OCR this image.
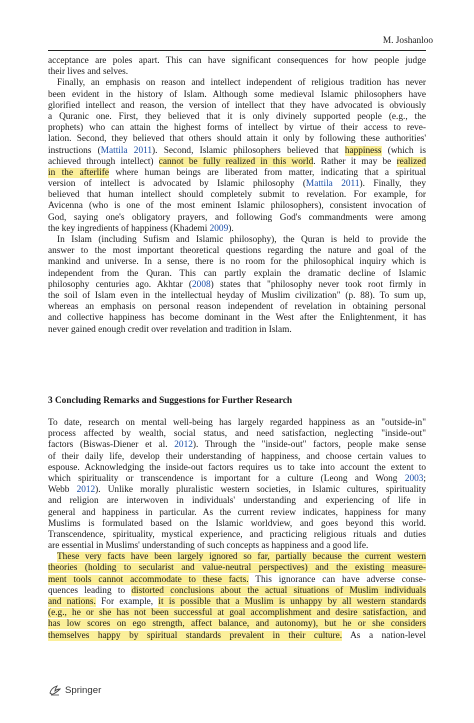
M. Joshanloo
acceptance are poles apart. This can have significant consequences for how people judge
their lives and selves.
Finally, an emphasis on reason and intellect independent of religious tradition has never
been evident in the history of Islam. Although some medieval Islamic philosophers have
glorified intellect and reason, the version of intellect that they have advocated is obviously
a Quranic one. First, they believed that it is only divinely supported people (e.g., the
prophets) who can attain the highest forms of intellect by virtue of their access to reve-
lation. Second, they believed that others should attain it only by following these authorities'
instructions (Mattila 2011). Second, Islamic philosophers believed that happiness (which is
achieved through intellect) cannot be fully realized in this world. Rather it may be realized
in the afterlife where human beings are liberated from matter, indicating that a spiritual
version of intellect is advocated by Islamic philosophy (Mattila 2011). Finally, they
believed that human intellect should completely submit to revelation. For example, for
Avicenna (who is one of the most eminent Islamic philosophers), consistent invocation of
God, saying one's obligatory prayers, and following God's commandments were among
the key ingredients of happiness (Khademi 2009).
In Islam (including Sufism and Islamic philosophy), the Quran is held to provide the
answer to the most important theoretical questions regarding the nature and goal of the
mankind and universe. In a sense, there is no room for the philosophical inquiry which is
independent from the Quran. This can partly explain the dramatic decline of Islamic
philosophy centuries ago. Akhtar (2008) states that "philosophy never took root firmly in
the soil of Islam even in the intellectual heyday of Muslim civilization" (p. 88). To sum up,
whereas an emphasis on personal reason independent of revelation in obtaining personal
and collective happiness has become dominant in the West after the Enlightenment, it has
never gained enough credit over revelation and tradition in Islam.
3 Concluding Remarks and Suggestions for Further Research
To date, research on mental well-being has largely regarded happiness as an "outside-in"
process affected by wealth, social status, and need satisfaction, neglecting "inside-out"
factors (Biswas-Diener et al. 2012). Through the "inside-out" factors, people make sense
of their daily life, develop their understanding of happiness, and choose certain values to
espouse. Acknowledging the inside-out factors requires us to take into account the extent to
which spirituality or transcendence is important for a culture (Leong and Wong 2003;
Webb 2012). Unlike morally pluralistic western societies, in Islamic cultures, spirituality
and religion are interwoven in individuals' understanding and experiencing of life in
general and happiness in particular. As the current review indicates, happiness for many
Muslims is formulated based on the Islamic worldview, and goes beyond this world.
Transcendence, spirituality, mystical experience, and practicing religious rituals and duties
are essential in Muslims' understanding of such concepts as happiness and a good life.
These very facts have been largely ignored so far, partially because the current western
theories (holding to secularist and value-neutral perspectives) and the existing measure-
ment tools cannot accommodate to these facts. This ignorance can have adverse conse-
quences leading to distorted conclusions about the actual situations of Muslim individuals
and nations. For example, it is possible that a Muslim is unhappy by all western standards
(e.g., he or she has not been successful at goal accomplishment and desire satisfaction, and
has low scores on ego strength, affect balance, and autonomy), but he or she considers
themselves happy by spiritual standards prevalent in their culture. As a nation-level
Springer
